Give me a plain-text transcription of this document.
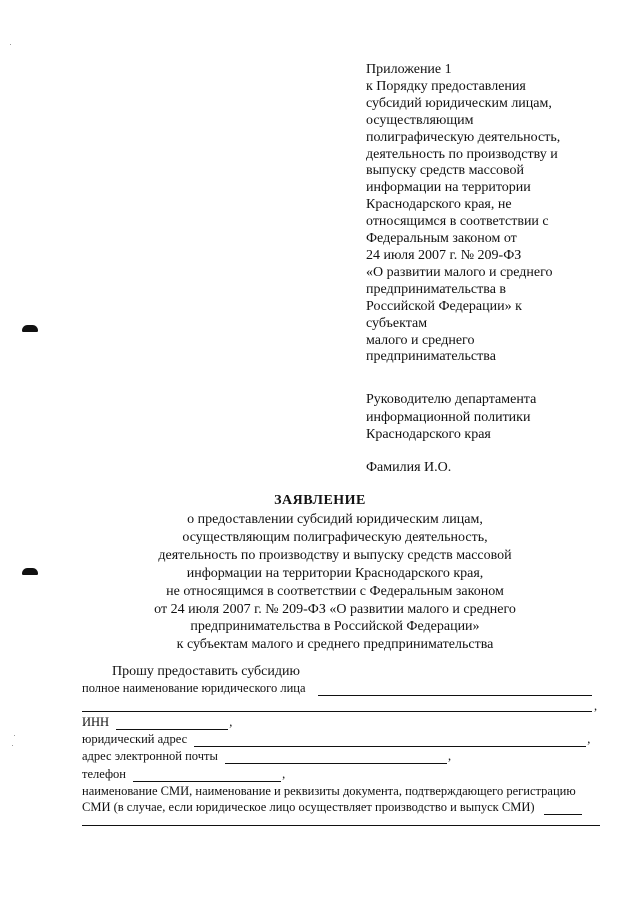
Приложение 1
к Порядку предоставления
субсидий юридическим лицам,
осуществляющим
полиграфическую деятельность,
деятельность по производству и
выпуску средств массовой
информации на территории
Краснодарского края, не
относящимся в соответствии с
Федеральным законом от
24 июля 2007 г. № 209-ФЗ
«О развитии малого и среднего
предпринимательства в
Российской Федерации» к
субъектам
малого и среднего
предпринимательства
Руководителю департамента
информационной политики
Краснодарского края
Фамилия И.О.
ЗАЯВЛЕНИЕ
о предоставлении субсидий юридическим лицам,
осуществляющим полиграфическую деятельность,
деятельность по производству и выпуску средств массовой
информации на территории Краснодарского края,
не относящимся в соответствии с Федеральным законом
от 24 июля 2007 г. № 209-ФЗ «О развитии малого и среднего
предпринимательства в Российской Федерации»
к субъектам малого и среднего предпринимательства
Прошу предоставить субсидию
полное наименование юридического лица
,
ИНН	,
юридический адрес	,
адрес электронной почты	,
телефон	,
наименование СМИ, наименование и реквизиты документа, подтверждающего регистрацию
СМИ (в случае, если юридическое лицо осуществляет производство и выпуск СМИ)
